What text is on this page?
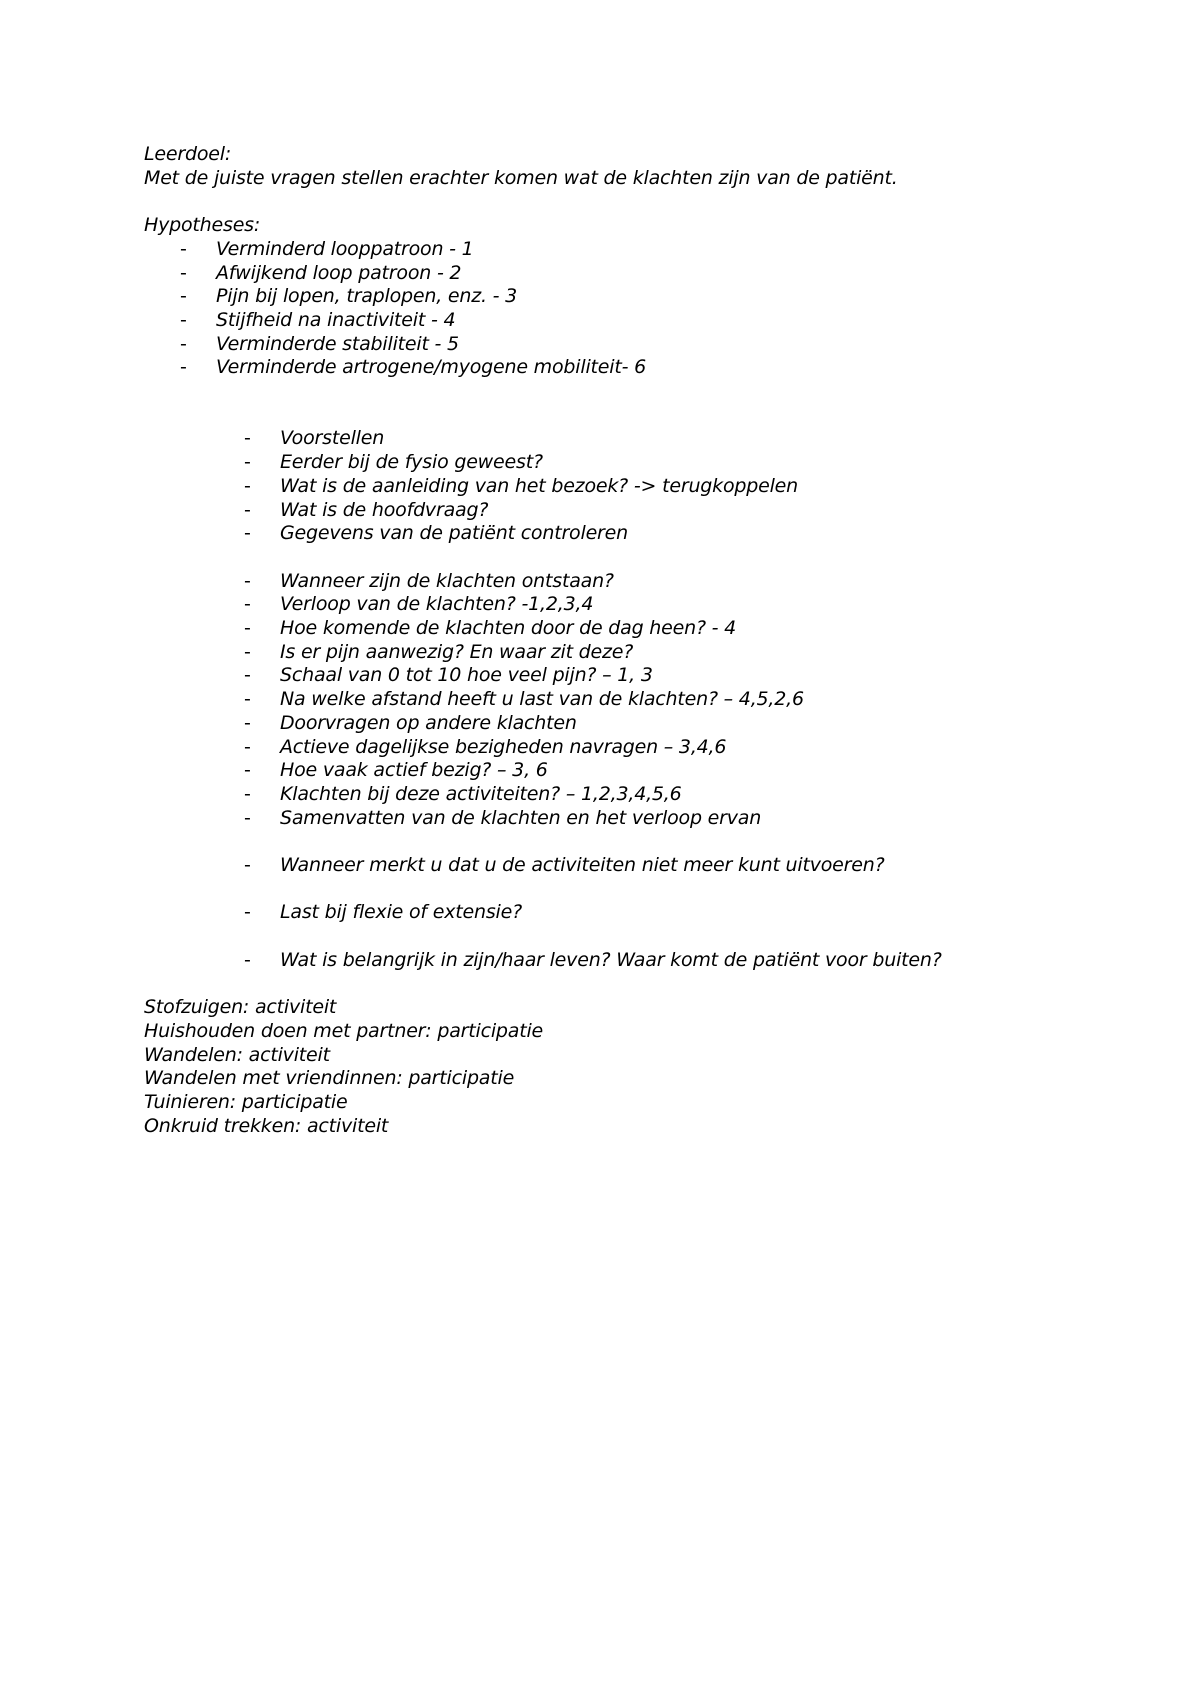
Leerdoel:
Met de juiste vragen stellen erachter komen wat de klachten zijn van de patiënt.
Hypotheses:
- Verminderd looppatroon - 1
- Afwijkend loop patroon - 2
- Pijn bij lopen, traplopen, enz. - 3
- Stijfheid na inactiviteit - 4
- Verminderde stabiliteit - 5
- Verminderde artrogene/myogene mobiliteit- 6
- Voorstellen
- Eerder bij de fysio geweest?
- Wat is de aanleiding van het bezoek? -> terugkoppelen
- Wat is de hoofdvraag?
- Gegevens van de patiënt controleren
- Wanneer zijn de klachten ontstaan?
- Verloop van de klachten? -1,2,3,4
- Hoe komende de klachten door de dag heen? - 4
- Is er pijn aanwezig? En waar zit deze?
- Schaal van 0 tot 10 hoe veel pijn? – 1, 3
- Na welke afstand heeft u last van de klachten? – 4,5,2,6
- Doorvragen op andere klachten
- Actieve dagelijkse bezigheden navragen – 3,4,6
- Hoe vaak actief bezig? – 3, 6
- Klachten bij deze activiteiten? – 1,2,3,4,5,6
- Samenvatten van de klachten en het verloop ervan
- Wanneer merkt u dat u de activiteiten niet meer kunt uitvoeren?
- Last bij flexie of extensie?
- Wat is belangrijk in zijn/haar leven? Waar komt de patiënt voor buiten?
Stofzuigen: activiteit
Huishouden doen met partner: participatie
Wandelen: activiteit
Wandelen met vriendinnen: participatie
Tuinieren: participatie
Onkruid trekken: activiteit
